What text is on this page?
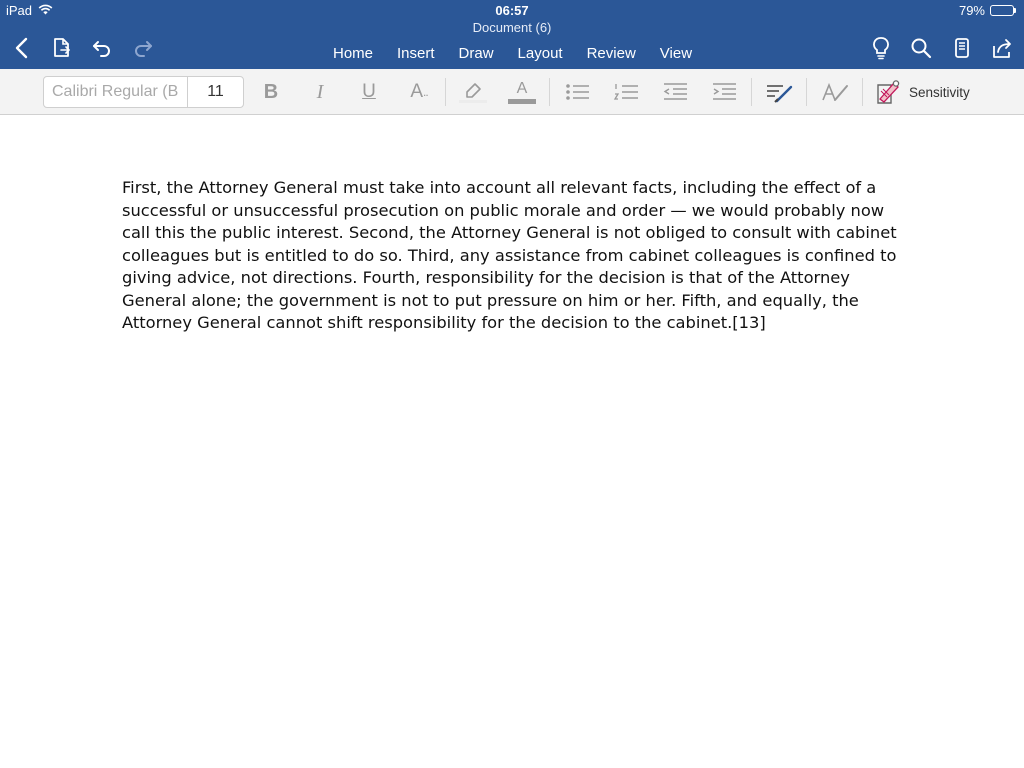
iPad	06:57
Document (6)
79%
Home	Insert	Draw	Layout	Review	View
Calibri Regular (B	11	B	I	U A ..	A	Sensitivity

First, the Attorney General must take into account all relevant facts, including the effect of a successful or unsuccessful prosecution on public morale and order — we would probably now call this the public interest. Second, the Attorney General is not obliged to consult with cabinet colleagues but is entitled to do so. Third, any assistance from cabinet colleagues is confined to giving advice, not directions. Fourth, responsibility for the decision is that of the Attorney General alone; the government is not to put pressure on him or her. Fifth, and equally, the Attorney General cannot shift responsibility for the decision to the cabinet.[13]
